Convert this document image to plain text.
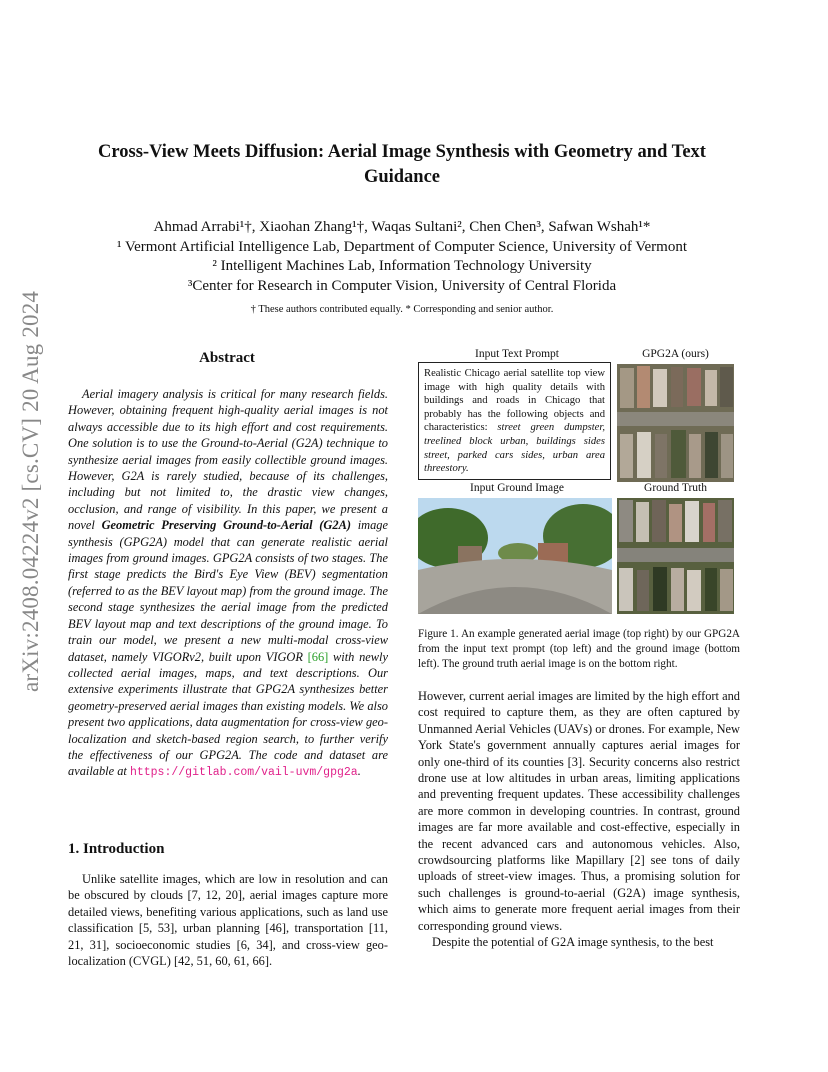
arXiv:2408.04224v2 [cs.CV] 20 Aug 2024
Cross-View Meets Diffusion: Aerial Image Synthesis with Geometry and Text Guidance
Ahmad Arrabi¹†, Xiaohan Zhang¹†, Waqas Sultani², Chen Chen³, Safwan Wshah¹*
¹ Vermont Artificial Intelligence Lab, Department of Computer Science, University of Vermont
² Intelligent Machines Lab, Information Technology University
³Center for Research in Computer Vision, University of Central Florida
† These authors contributed equally. * Corresponding and senior author.
Abstract
Aerial imagery analysis is critical for many research fields. However, obtaining frequent high-quality aerial images is not always accessible due to its high effort and cost requirements. One solution is to use the Ground-to-Aerial (G2A) technique to synthesize aerial images from easily collectible ground images. However, G2A is rarely studied, because of its challenges, including but not limited to, the drastic view changes, occlusion, and range of visibility. In this paper, we present a novel Geometric Preserving Ground-to-Aerial (G2A) image synthesis (GPG2A) model that can generate realistic aerial images from ground images. GPG2A consists of two stages. The first stage predicts the Bird's Eye View (BEV) segmentation (referred to as the BEV layout map) from the ground image. The second stage synthesizes the aerial image from the predicted BEV layout map and text descriptions of the ground image. To train our model, we present a new multi-modal cross-view dataset, namely VIGORv2, built upon VIGOR [66] with newly collected aerial images, maps, and text descriptions. Our extensive experiments illustrate that GPG2A synthesizes better geometry-preserved aerial images than existing models. We also present two applications, data augmentation for cross-view geo-localization and sketch-based region search, to further verify the effectiveness of our GPG2A. The code and dataset are available at https://gitlab.com/vail-uvm/gpg2a.
1. Introduction
Unlike satellite images, which are low in resolution and can be obscured by clouds [7, 12, 20], aerial images capture more detailed views, benefiting various applications, such as land use classification [5, 53], urban planning [46], transportation [11, 21, 31], socioeconomic studies [6, 34], and cross-view geo-localization (CVGL) [42, 51, 60, 61, 66].
Input Text Prompt	GPG2A (ours)
Realistic Chicago aerial satellite top view image with high quality details with buildings and roads in Chicago that probably has the following objects and characteristics: street green dumpster, treelined block urban, buildings sides street, parked cars sides, urban area threestory.
Input Ground Image	Ground Truth
Figure 1. An example generated aerial image (top right) by our GPG2A from the input text prompt (top left) and the ground image (bottom left). The ground truth aerial image is on the bottom right.

However, current aerial images are limited by the high effort and cost required to capture them, as they are often captured by Unmanned Aerial Vehicles (UAVs) or drones. For example, New York State's government annually captures aerial images for only one-third of its counties [3]. Security concerns also restrict drone use at low altitudes in urban areas, limiting applications and preventing frequent updates. These accessibility challenges are more common in developing countries. In contrast, ground images are far more available and cost-effective, especially in the recent advanced cars and autonomous vehicles. Also, crowdsourcing platforms like Mapillary [2] see tons of daily uploads of street-view images. Thus, a promising solution for such challenges is ground-to-aerial (G2A) image synthesis, which aims to generate more frequent aerial images from their corresponding ground views.

Despite the potential of G2A image synthesis, to the best
